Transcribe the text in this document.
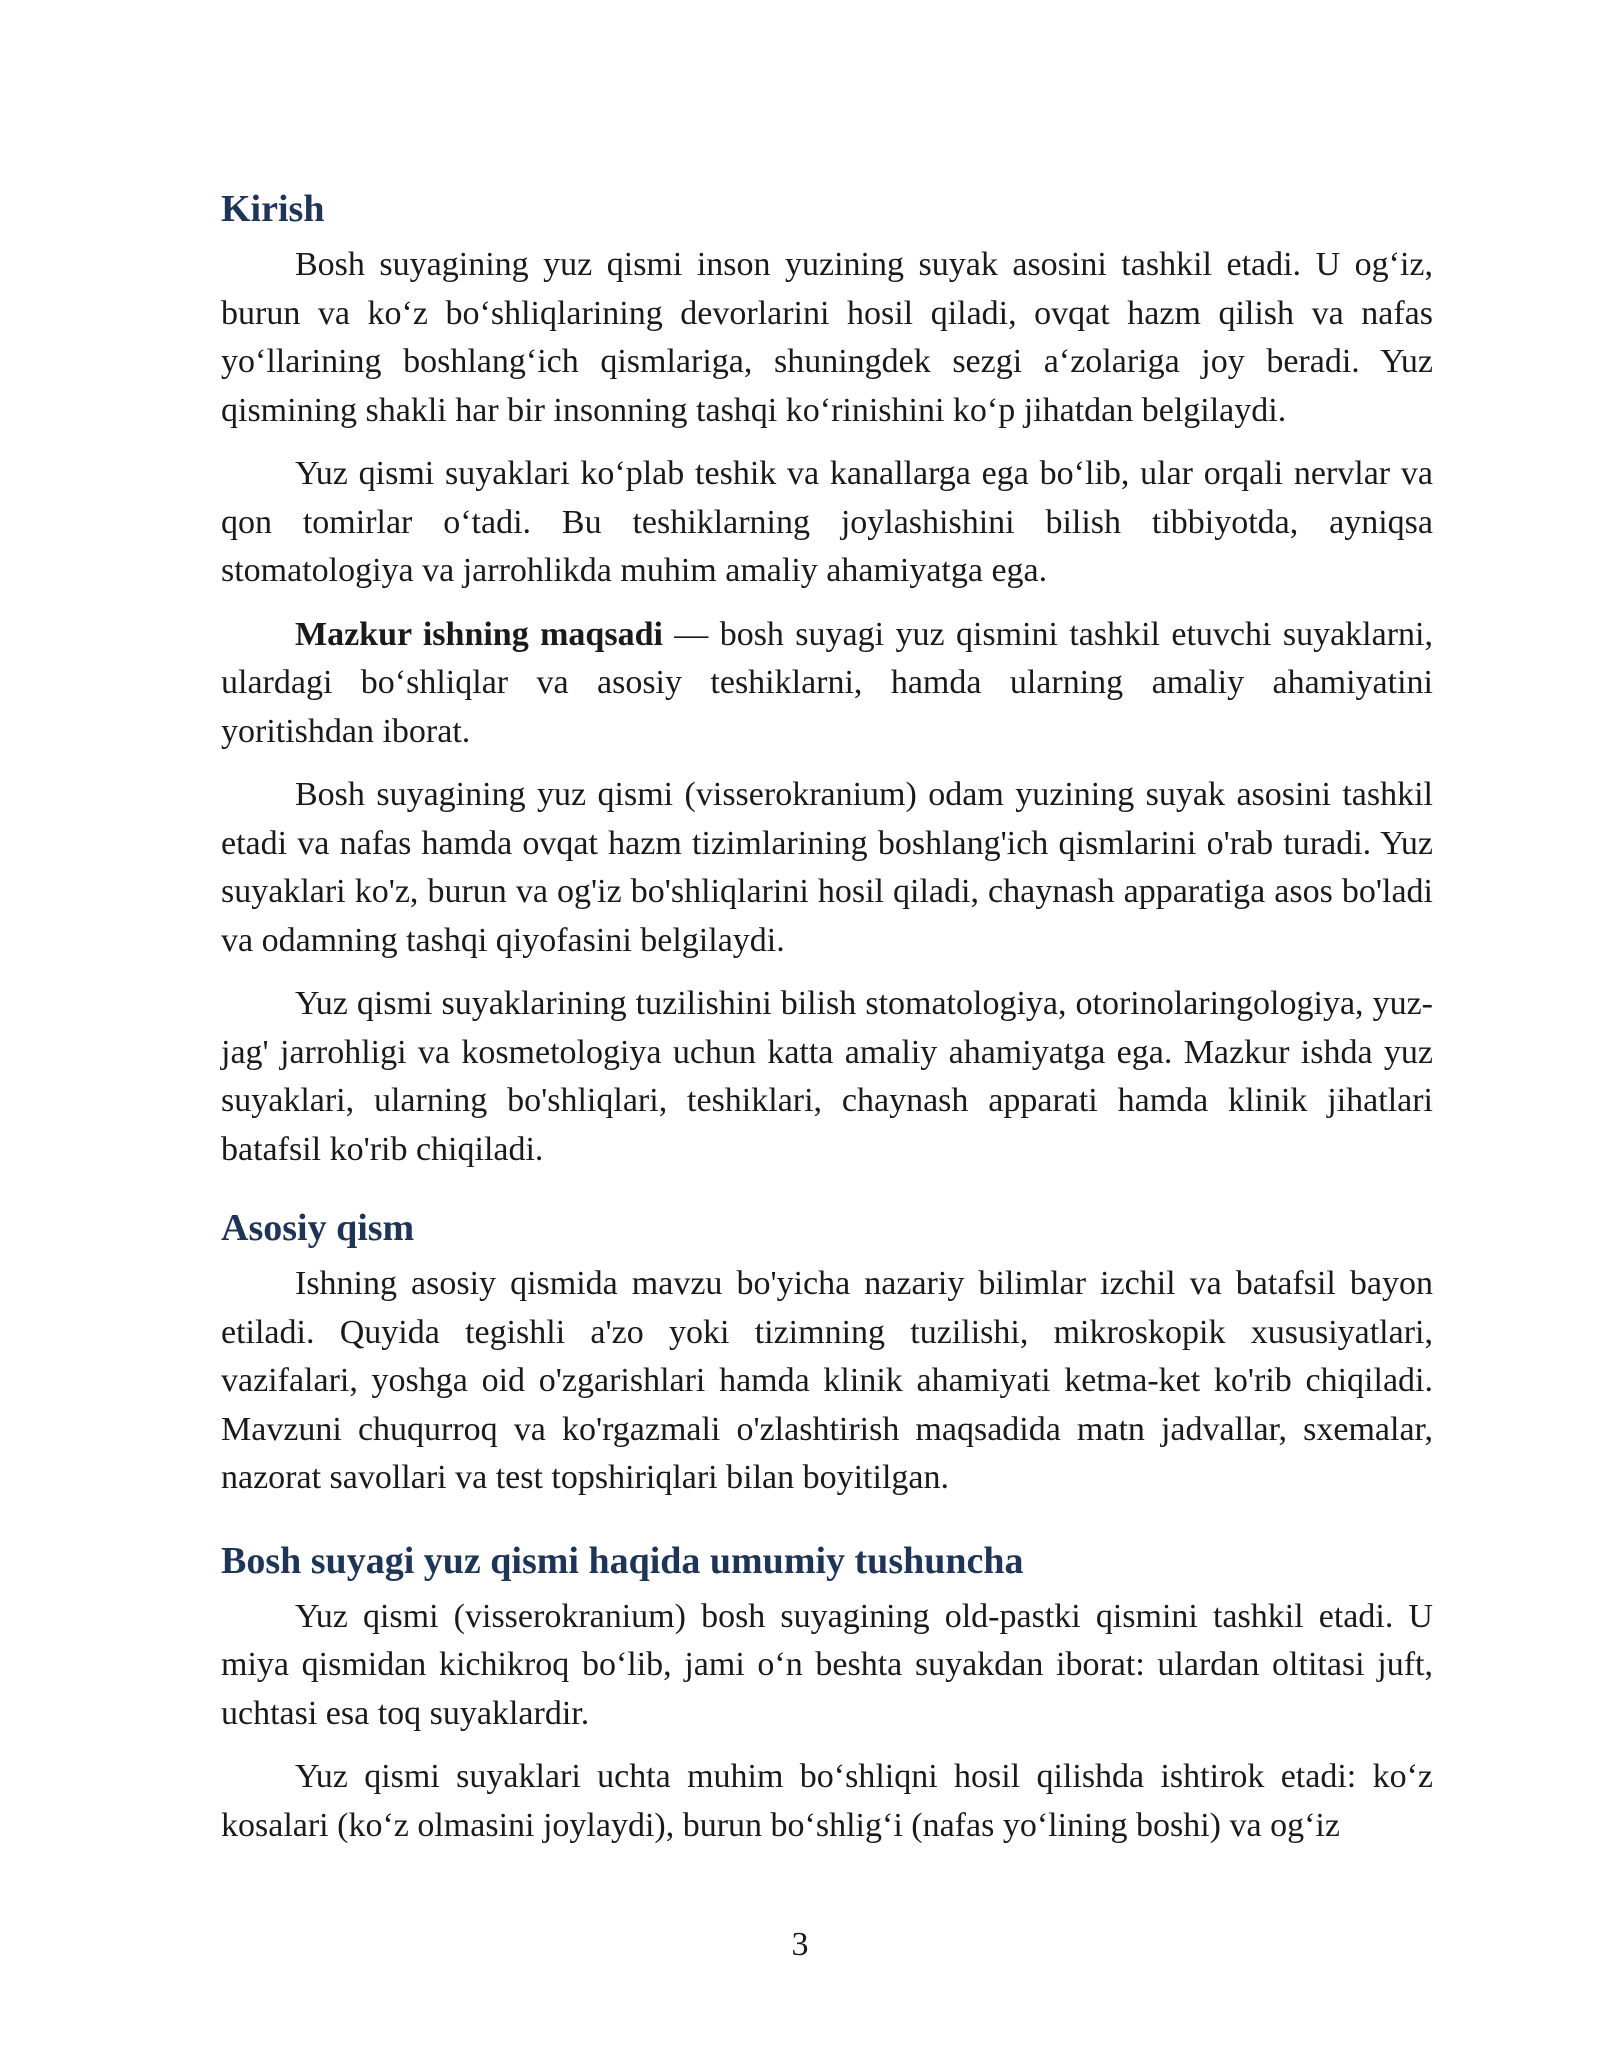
Kirish

Bosh suyagining yuz qismi inson yuzining suyak asosini tashkil etadi. U og‘iz, burun va ko‘z bo‘shliqlarining devorlarini hosil qiladi, ovqat hazm qilish va nafas yo‘llarining boshlang‘ich qismlariga, shuningdek sezgi a‘zolariga joy beradi. Yuz qismining shakli har bir insonning tashqi ko‘rinishini ko‘p jihatdan belgilaydi.

Yuz qismi suyaklari ko‘plab teshik va kanallarga ega bo‘lib, ular orqali nervlar va qon tomirlar o‘tadi. Bu teshiklarning joylashishini bilish tibbiyotda, ayniqsa stomatologiya va jarrohlikda muhim amaliy ahamiyatga ega.

Mazkur ishning maqsadi — bosh suyagi yuz qismini tashkil etuvchi suyaklarni, ulardagi bo‘shliqlar va asosiy teshiklarni, hamda ularning amaliy ahamiyatini yoritishdan iborat.

Bosh suyagining yuz qismi (visserokranium) odam yuzining suyak asosini tashkil etadi va nafas hamda ovqat hazm tizimlarining boshlang'ich qismlarini o'rab turadi. Yuz suyaklari ko'z, burun va og'iz bo'shliqlarini hosil qiladi, chaynash apparatiga asos bo'ladi va odamning tashqi qiyofasini belgilaydi.

Yuz qismi suyaklarining tuzilishini bilish stomatologiya, otorinolaringologiya, yuz-jag' jarrohligi va kosmetologiya uchun katta amaliy ahamiyatga ega. Mazkur ishda yuz suyaklari, ularning bo'shliqlari, teshiklari, chaynash apparati hamda klinik jihatlari batafsil ko'rib chiqiladi.

Asosiy qism

Ishning asosiy qismida mavzu bo'yicha nazariy bilimlar izchil va batafsil bayon etiladi. Quyida tegishli a'zo yoki tizimning tuzilishi, mikroskopik xususiyatlari, vazifalari, yoshga oid o'zgarishlari hamda klinik ahamiyati ketma-ket ko'rib chiqiladi. Mavzuni chuqurroq va ko'rgazmali o'zlashtirish maqsadida matn jadvallar, sxemalar, nazorat savollari va test topshiriqlari bilan boyitilgan.

Bosh suyagi yuz qismi haqida umumiy tushuncha

Yuz qismi (visserokranium) bosh suyagining old-pastki qismini tashkil etadi. U miya qismidan kichikroq bo‘lib, jami o‘n beshta suyakdan iborat: ulardan oltitasi juft, uchtasi esa toq suyaklardir.

Yuz qismi suyaklari uchta muhim bo‘shliqni hosil qilishda ishtirok etadi: ko‘z kosalari (ko‘z olmasini joylaydi), burun bo‘shlig‘i (nafas yo‘lining boshi) va og‘iz

3
